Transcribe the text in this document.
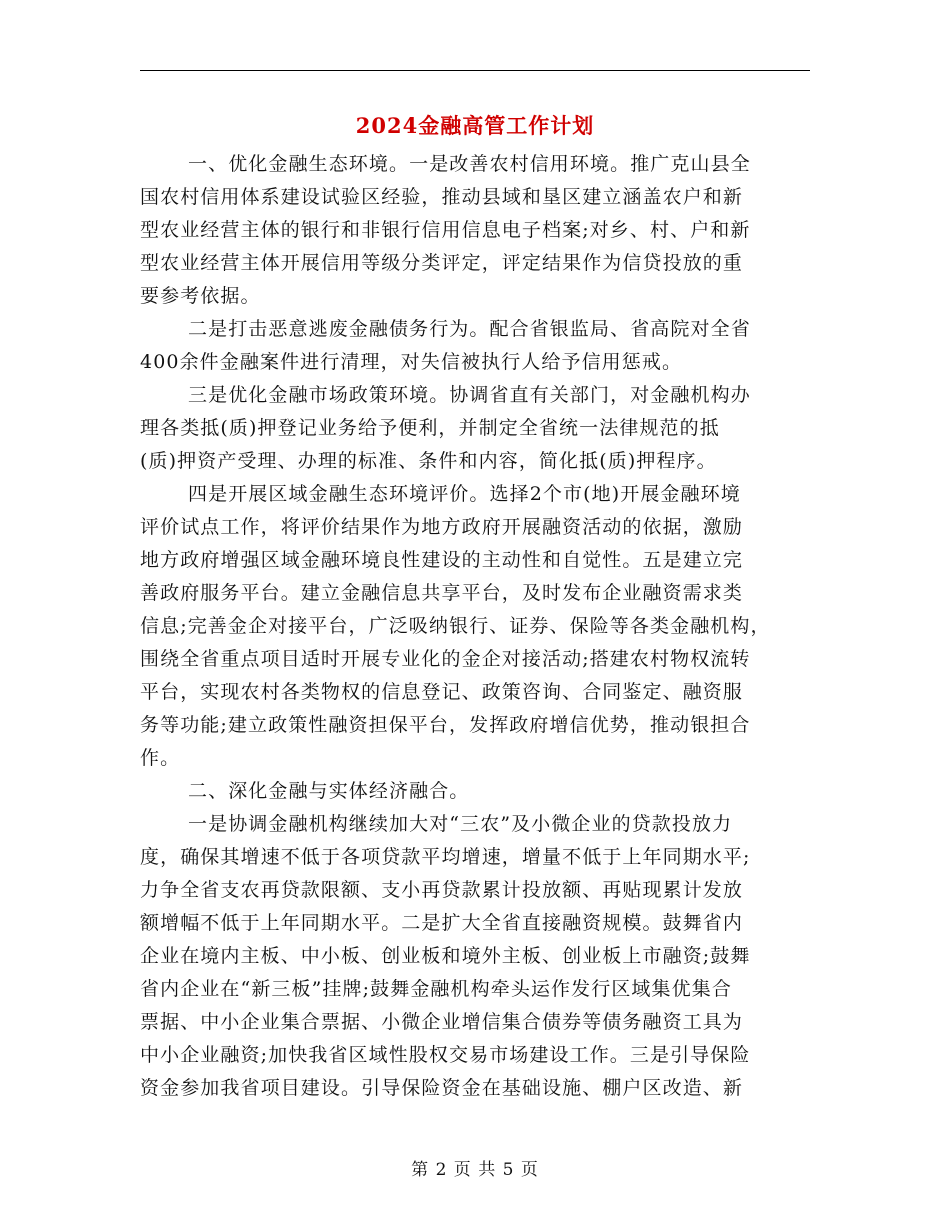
2024金融高管工作计划
一、优化金融生态环境。一是改善农村信用环境。推广克山县全
国农村信用体系建设试验区经验，推动县域和垦区建立涵盖农户和新
型农业经营主体的银行和非银行信用信息电子档案;对乡、村、户和新
型农业经营主体开展信用等级分类评定，评定结果作为信贷投放的重
要参考依据。
二是打击恶意逃废金融债务行为。配合省银监局、省高院对全省
400余件金融案件进行清理，对失信被执行人给予信用惩戒。
三是优化金融市场政策环境。协调省直有关部门，对金融机构办
理各类抵(质)押登记业务给予便利，并制定全省统一法律规范的抵
(质)押资产受理、办理的标准、条件和内容，简化抵(质)押程序。
四是开展区域金融生态环境评价。选择2个市(地)开展金融环境
评价试点工作，将评价结果作为地方政府开展融资活动的依据，激励
地方政府增强区域金融环境良性建设的主动性和自觉性。五是建立完
善政府服务平台。建立金融信息共享平台，及时发布企业融资需求类
信息;完善金企对接平台，广泛吸纳银行、证券、保险等各类金融机构，
围绕全省重点项目适时开展专业化的金企对接活动;搭建农村物权流转
平台，实现农村各类物权的信息登记、政策咨询、合同鉴定、融资服
务等功能;建立政策性融资担保平台，发挥政府增信优势，推动银担合
作。
二、深化金融与实体经济融合。
一是协调金融机构继续加大对“三农”及小微企业的贷款投放力
度，确保其增速不低于各项贷款平均增速，增量不低于上年同期水平;
力争全省支农再贷款限额、支小再贷款累计投放额、再贴现累计发放
额增幅不低于上年同期水平。二是扩大全省直接融资规模。鼓舞省内
企业在境内主板、中小板、创业板和境外主板、创业板上市融资;鼓舞
省内企业在“新三板”挂牌;鼓舞金融机构牵头运作发行区域集优集合
票据、中小企业集合票据、小微企业增信集合债券等债务融资工具为
中小企业融资;加快我省区域性股权交易市场建设工作。三是引导保险
资金参加我省项目建设。引导保险资金在基础设施、棚户区改造、新
第 2 页 共 5 页
